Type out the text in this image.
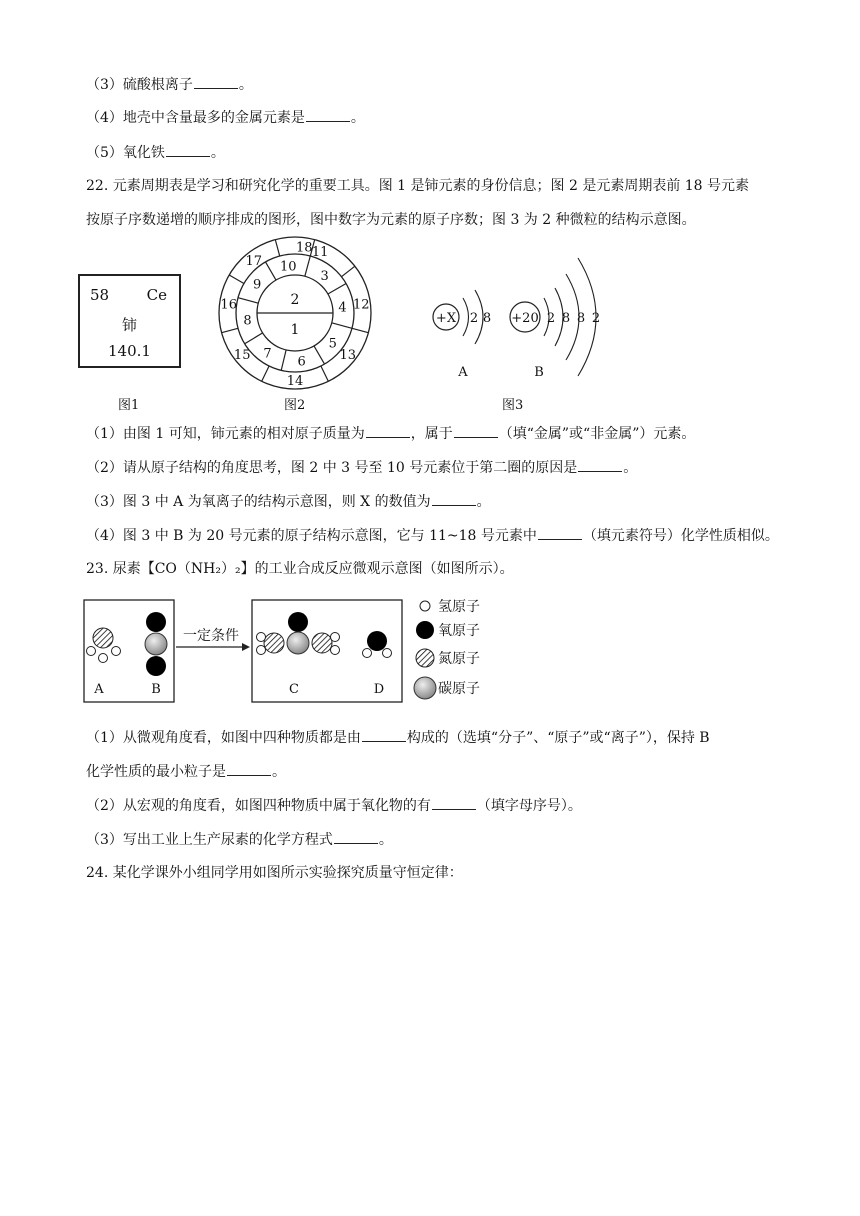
（3）硫酸根离子	。
（4）地壳中含量最多的金属元素是	。
（5）氧化铁	。
22. 元素周期表是学习和研究化学的重要工具。图 1 是铈元素的身份信息；图 2 是元素周期表前 18 号元素
按原子序数递增的顺序排成的图形，图中数字为元素的原子序数；图 3 为 2 种微粒的结构示意图。
58	Ce
铈
140.1
图1
2
1
3
4
5
6
7
8
9
10
11
12
13
14
15
16
17
18
图2
+X 2 8
A
+20 2 8 8 2
B
图3
（1）由图 1 可知，铈元素的相对原子质量为	，属于	（填“金属”或“非金属”）元素。
（2）请从原子结构的角度思考，图 2 中 3 号至 10 号元素位于第二圈的原因是	。
（3）图 3 中 A 为氧离子的结构示意图，则 X 的数值为	。
（4）图 3 中 B 为 20 号元素的原子结构示意图，它与 11~18 号元素中	（填元素符号）化学性质相似。
23. 尿素【CO（NH₂）₂】的工业合成反应微观示意图（如图所示）。
A	B
一定条件
C	D
氢原子
氧原子
氮原子
碳原子
（1）从微观角度看，如图中四种物质都是由	构成的（选填“分子”、“原子”或“离子”），保持 B
化学性质的最小粒子是	。
（2）从宏观的角度看，如图四种物质中属于氧化物的有	（填字母序号）。
（3）写出工业上生产尿素的化学方程式	。
24. 某化学课外小组同学用如图所示实验探究质量守恒定律：
